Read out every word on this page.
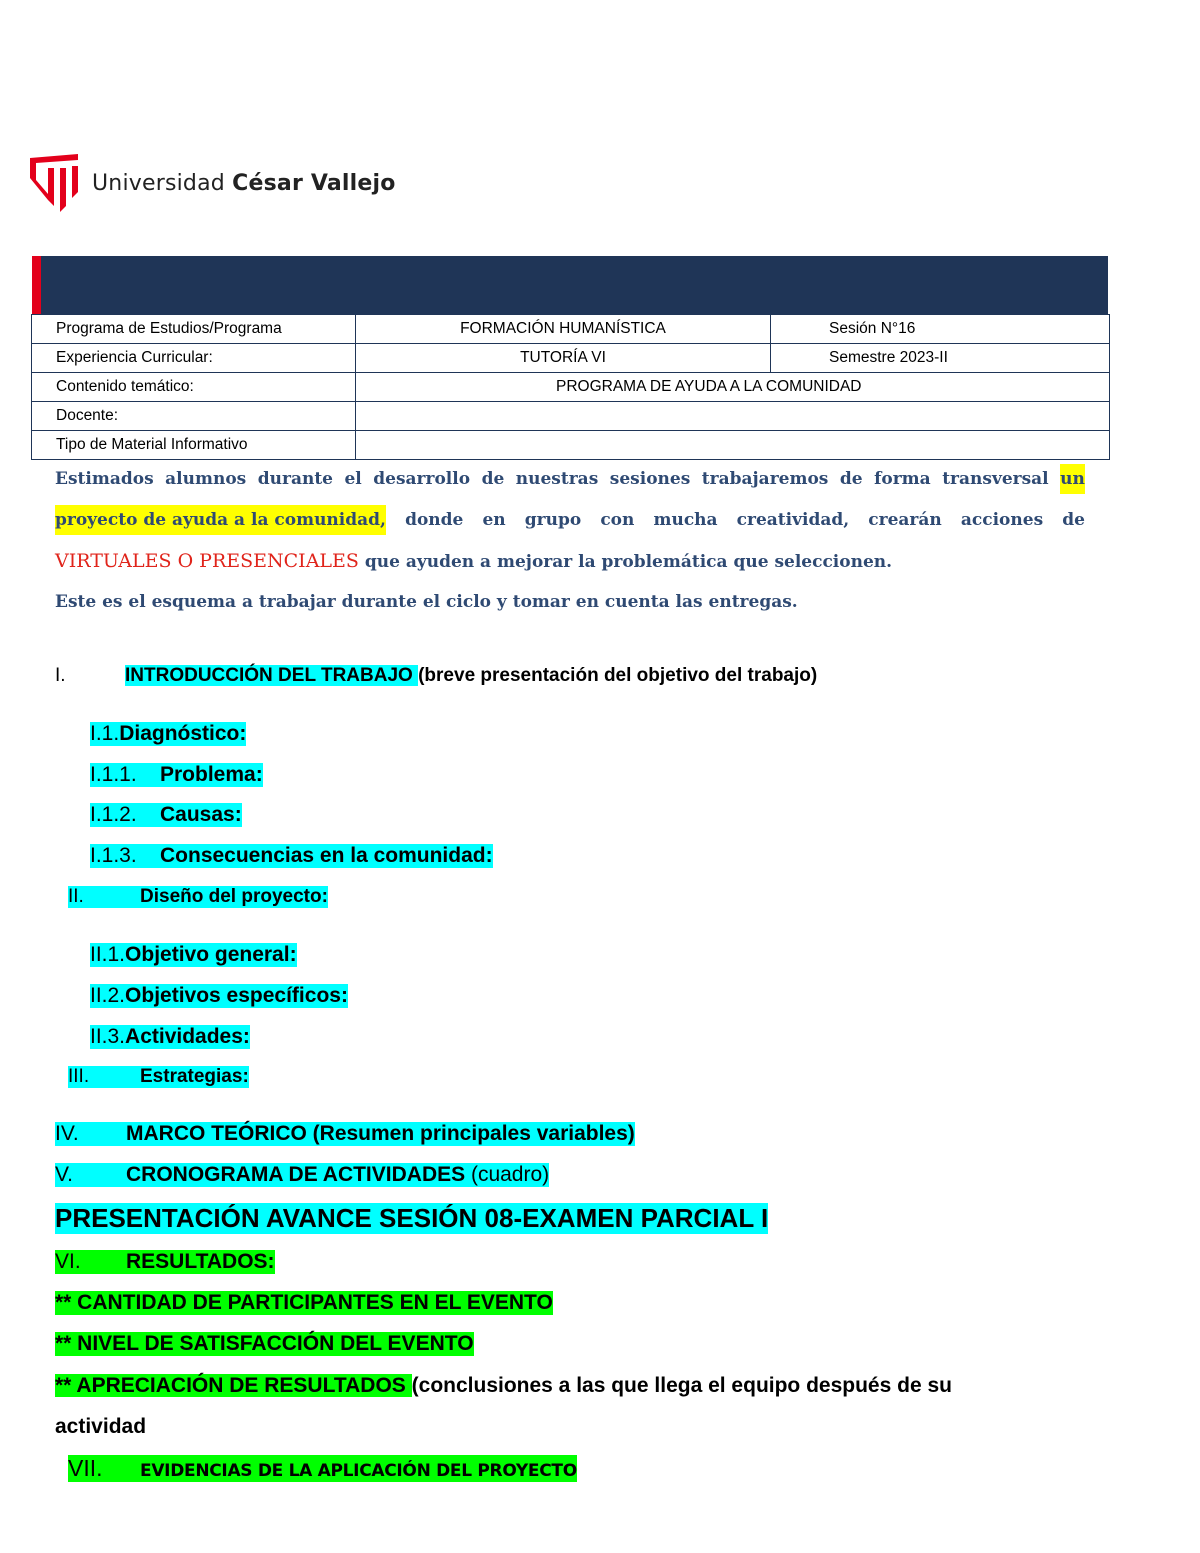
Universidad César Vallejo
Programa de Estudios/Programa	FORMACIÓN HUMANÍSTICA	Sesión N°16
Experiencia Curricular:	TUTORÍA VI	Semestre 2023-II
Contenido temático:	PROGRAMA DE AYUDA A LA COMUNIDAD	
Docente:		
Tipo de Material Informativo		
Estimados alumnos durante el desarrollo de nuestras sesiones trabajaremos de forma transversal un
proyecto de ayuda a la comunidad, donde en grupo con mucha creatividad, crearán acciones de
VIRTUALES O PRESENCIALES que ayuden a mejorar la problemática que seleccionen.
Este es el esquema a trabajar durante el ciclo y tomar en cuenta las entregas.
I.	INTRODUCCIÓN DEL TRABAJO (breve presentación del objetivo del trabajo)
I.1.Diagnóstico:
I.1.1. Problema:
I.1.2. Causas:
I.1.3. Consecuencias en la comunidad:
II.	Diseño del proyecto:
II.1.Objetivo general:
II.2.Objetivos específicos:
II.3.Actividades:
III.	Estrategias:
IV. MARCO TEÓRICO (Resumen principales variables)
V.	CRONOGRAMA DE ACTIVIDADES (cuadro)
PRESENTACIÓN AVANCE SESIÓN 08-EXAMEN PARCIAL I
VI. RESULTADOS:
** CANTIDAD DE PARTICIPANTES EN EL EVENTO
** NIVEL DE SATISFACCIÓN DEL EVENTO
** APRECIACIÓN DE RESULTADOS (conclusiones a las que llega el equipo después de su
actividad
VII. EVIDENCIAS DE LA APLICACIÓN DEL PROYECTO
